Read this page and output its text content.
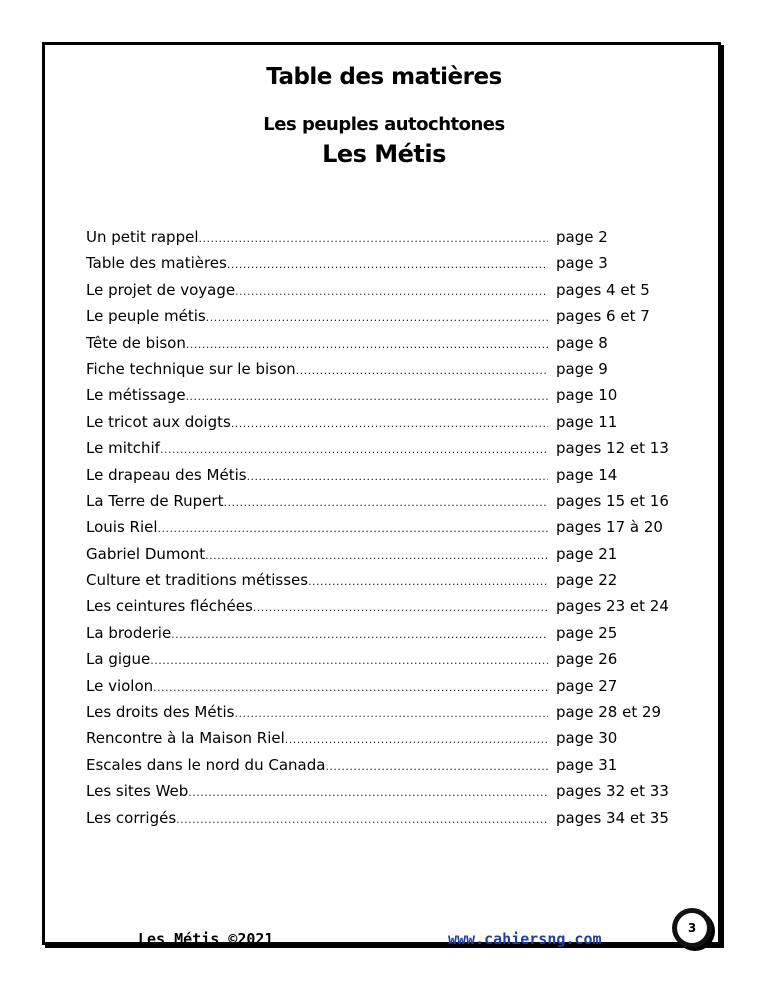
Table des matières
Les peuples autochtones
Les Métis
Un petit rappel .....	page 2
Table des matières .....	page 3
Le projet de voyage .....	pages 4 et 5
Le peuple métis .....	pages 6 et 7
Tête de bison .....	page 8
Fiche technique sur le bison .....	page 9
Le métissage .....	page 10
Le tricot aux doigts .....	page 11
Le mitchif .....	pages 12 et 13
Le drapeau des Métis .....	page 14
La Terre de Rupert .....	pages 15 et 16
Louis Riel .....	pages 17 à 20
Gabriel Dumont .....	page 21
Culture et traditions métisses .....	page 22
Les ceintures fléchées .....	pages 23 et 24
La broderie .....	page 25
La gigue .....	page 26
Le violon .....	page 27
Les droits des Métis .....	page 28 et 29
Rencontre à la Maison Riel .....	page 30
Escales dans le nord du Canada .....	page 31
Les sites Web .....	pages 32 et 33
Les corrigés .....	pages 34 et 35
Les Métis ©2021	www.cahiersng.com
3
